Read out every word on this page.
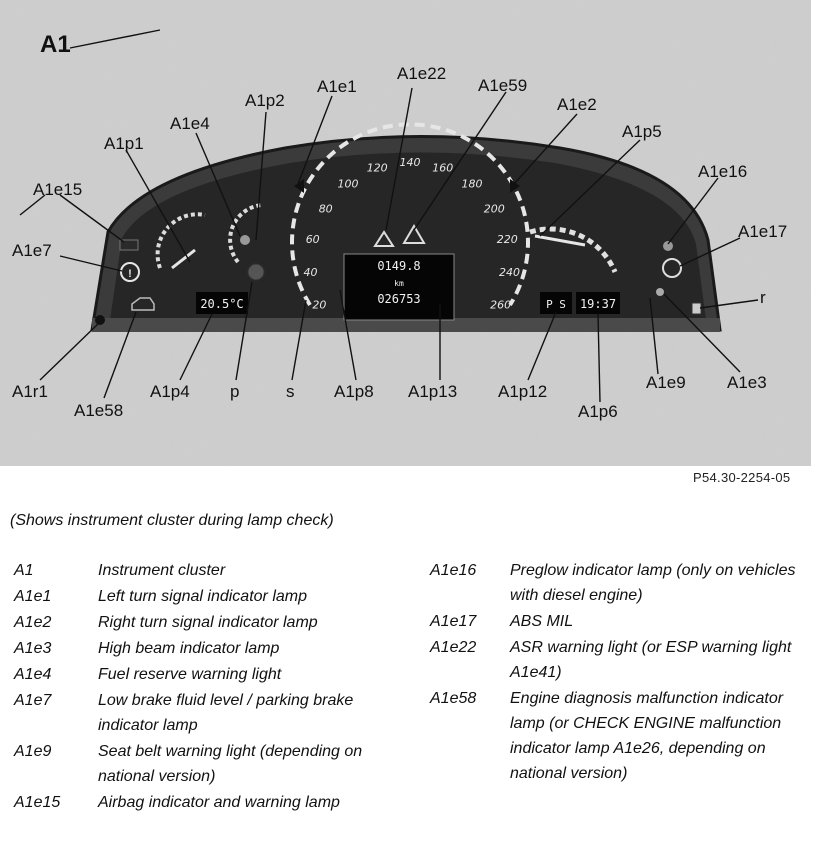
20
40
60
80
100
120 140 160
180
200
220
240
260
0149.8
km
026753
20.5°C	P S 19:37
!
A1
A1e1
A1e22
A1e59
A1p2	A1e2
A1e4	A1p5
A1p1
A1e16
A1e15
A1e17
A1e7
r
A1r1
A1e58
A1p4 p	s A1p8 A1p13 A1p12	A1e9 A1e3
A1p6
P54.30-2254-05
(Shows instrument cluster during lamp check)
A1	Instrument cluster
A1e1	Left turn signal indicator lamp
A1e2	Right turn signal indicator lamp
A1e3	High beam indicator lamp
A1e4	Fuel reserve warning light
A1e7	Low brake fluid level / parking brake indicator lamp
A1e9	Seat belt warning light (depending on national version)
A1e15 Airbag indicator and warning lamp
A1e16 Preglow indicator lamp (only on vehicles with diesel engine)
A1e17 ABS MIL
A1e22 ASR warning light (or ESP warning light A1e41)
A1e58 Engine diagnosis malfunction indicator lamp (or CHECK ENGINE malfunction indicator lamp A1e26, depending on national version)
